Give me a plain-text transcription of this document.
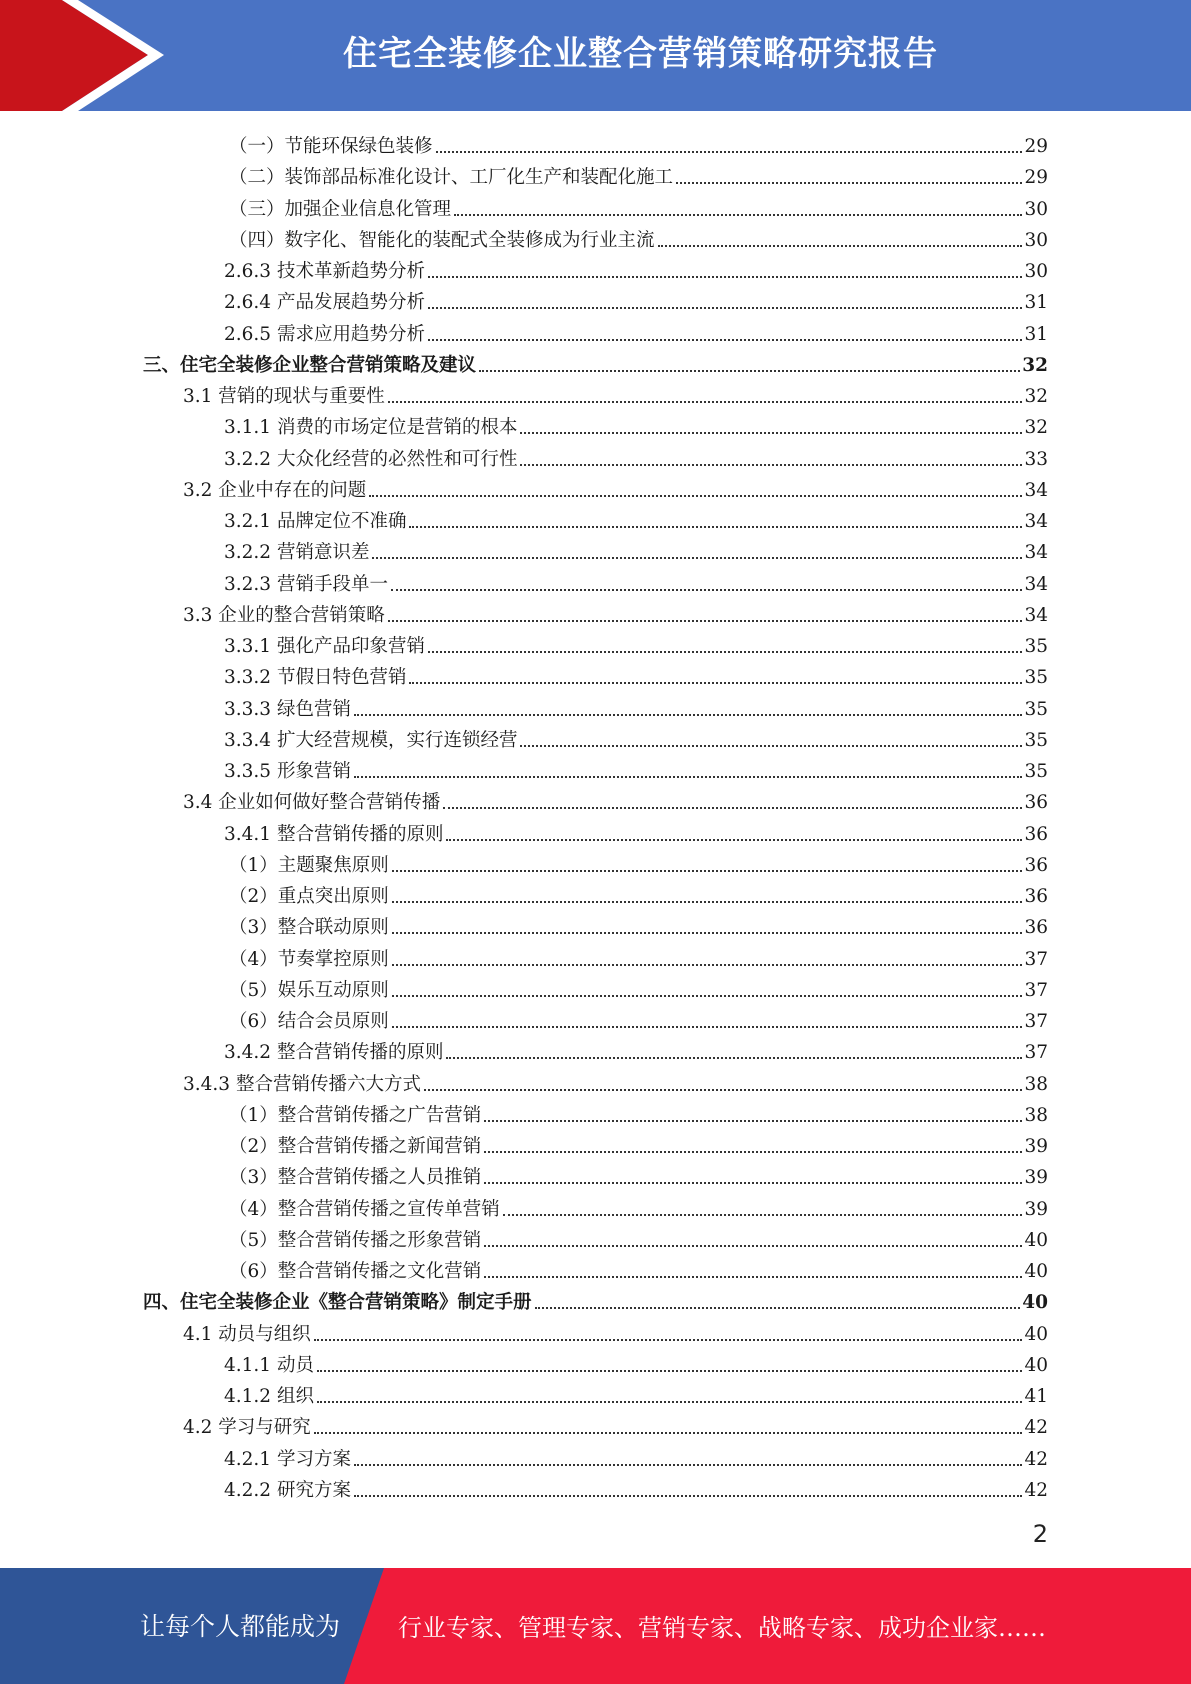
住宅全装修企业整合营销策略研究报告
（一）节能环保绿色装修	29
（二）装饰部品标准化设计、工厂化生产和装配化施工	29
（三）加强企业信息化管理	30
（四）数字化、智能化的装配式全装修成为行业主流	30
2.6.3 技术革新趋势分析	30
2.6.4 产品发展趋势分析	31
2.6.5 需求应用趋势分析	31
三、住宅全装修企业整合营销策略及建议	32
3.1 营销的现状与重要性	32
3.1.1 消费的市场定位是营销的根本	32
3.2.2 大众化经营的必然性和可行性	33
3.2 企业中存在的问题	34
3.2.1 品牌定位不准确	34
3.2.2 营销意识差	34
3.2.3 营销手段单一	34
3.3 企业的整合营销策略	34
3.3.1 强化产品印象营销	35
3.3.2 节假日特色营销	35
3.3.3 绿色营销	35
3.3.4 扩大经营规模，实行连锁经营	35
3.3.5 形象营销	35
3.4 企业如何做好整合营销传播	36
3.4.1 整合营销传播的原则	36
（1）主题聚焦原则	36
（2）重点突出原则	36
（3）整合联动原则	36
（4）节奏掌控原则	37
（5）娱乐互动原则	37
（6）结合会员原则	37
3.4.2 整合营销传播的原则	37
3.4.3 整合营销传播六大方式	38
（1）整合营销传播之广告营销	38
（2）整合营销传播之新闻营销	39
（3）整合营销传播之人员推销	39
（4）整合营销传播之宣传单营销	39
（5）整合营销传播之形象营销	40
（6）整合营销传播之文化营销	40
四、住宅全装修企业《整合营销策略》制定手册	40
4.1 动员与组织	40
4.1.1 动员	40
4.1.2 组织	41
4.2 学习与研究	42
4.2.1 学习方案	42
4.2.2 研究方案	42
2
让每个人都能成为 行业专家、管理专家、营销专家、战略专家、成功企业家……
